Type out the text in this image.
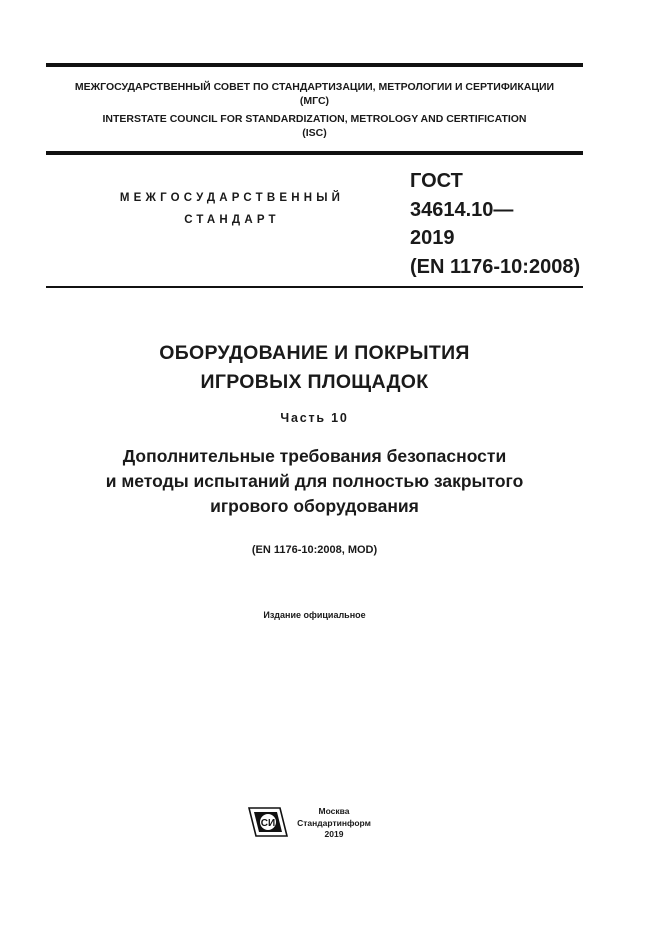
МЕЖГОСУДАРСТВЕННЫЙ СОВЕТ ПО СТАНДАРТИЗАЦИИ, МЕТРОЛОГИИ И СЕРТИФИКАЦИИ

(МГС)

INTERSTATE COUNCIL FOR STANDARDIZATION, METROLOGY AND CERTIFICATION

(ISC)

МЕЖГОСУДАРСТВЕННЫЙ
СТАНДАРТ
ГОСТ
34614.10—
2019
(EN 1176-10:2008)

ОБОРУДОВАНИЕ И ПОКРЫТИЯ

ИГРОВЫХ ПЛОЩАДОК

Часть 10

Дополнительные требования безопасности

и методы испытаний для полностью закрытого

игрового оборудования

(EN 1176-10:2008, MOD)

Издание официальное

СИ
Москва
Стандартинформ
2019
